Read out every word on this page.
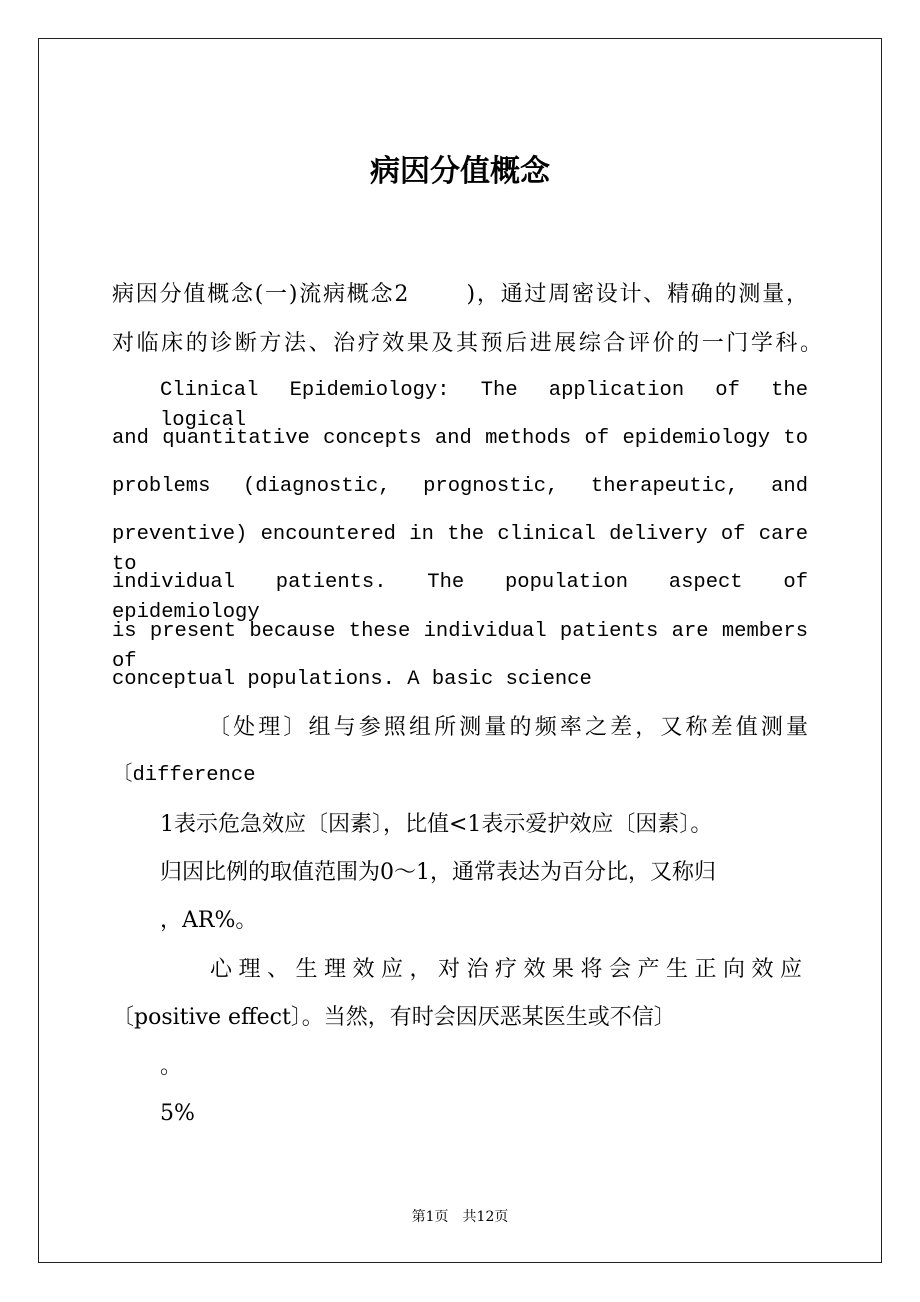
病因分值概念
病因分值概念(一)流病概念2　　 )，通过周密设计、精确的测量，
对临床的诊断方法、治疗效果及其预后进展综合评价的一门学科。
Clinical Epidemiology: The application of the logical
and quantitative concepts and methods of epidemiology to
problems (diagnostic, prognostic, therapeutic, and
preventive) encountered in the clinical delivery of care to
individual patients. The population aspect of epidemiology
is present because these individual patients are members of
conceptual populations. A basic science
〔处理〕组与参照组所测量的频率之差，又称差值测量
〔difference
1表示危急效应〔因素〕，比值<1表示爱护效应〔因素〕。
归因比例的取值范围为0～1，通常表达为百分比，又称归
，AR%。
心理、生理效应，对治疗效果将会产生正向效应
〔positive effect〕。当然，有时会因厌恶某医生或不信〕
。
5%
第1页　共12页
